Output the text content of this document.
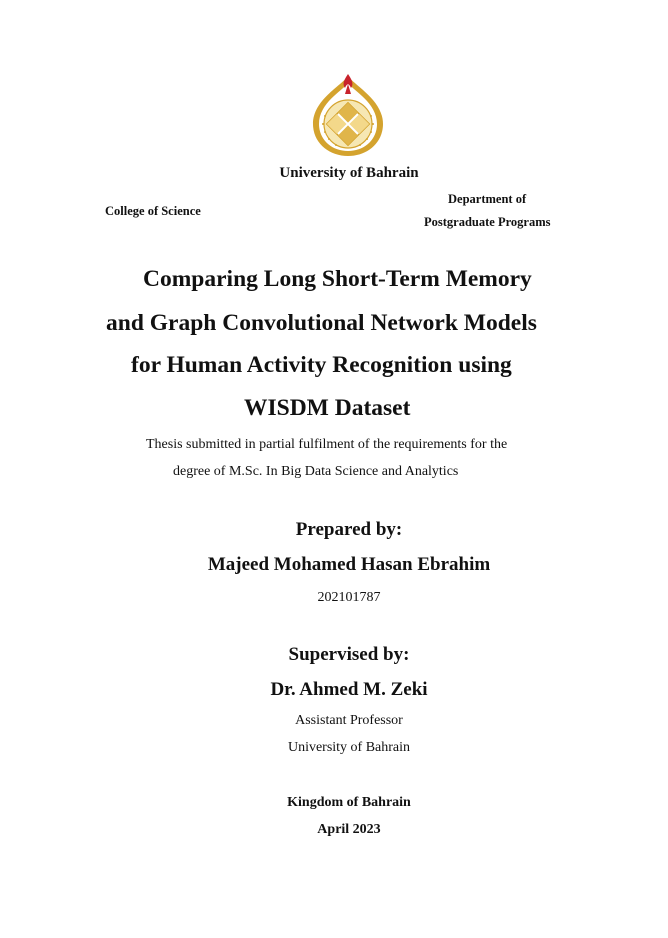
University of Bahrain
College of Science
Department of
Postgraduate Programs
Comparing Long Short-Term Memory
and Graph Convolutional Network Models
for Human Activity Recognition using
WISDM Dataset
Thesis submitted in partial fulfilment of the requirements for the
degree of M.Sc. In Big Data Science and Analytics
Prepared by:
Majeed Mohamed Hasan Ebrahim
202101787
Supervised by:
Dr. Ahmed M. Zeki
Assistant Professor
University of Bahrain
Kingdom of Bahrain
April 2023
